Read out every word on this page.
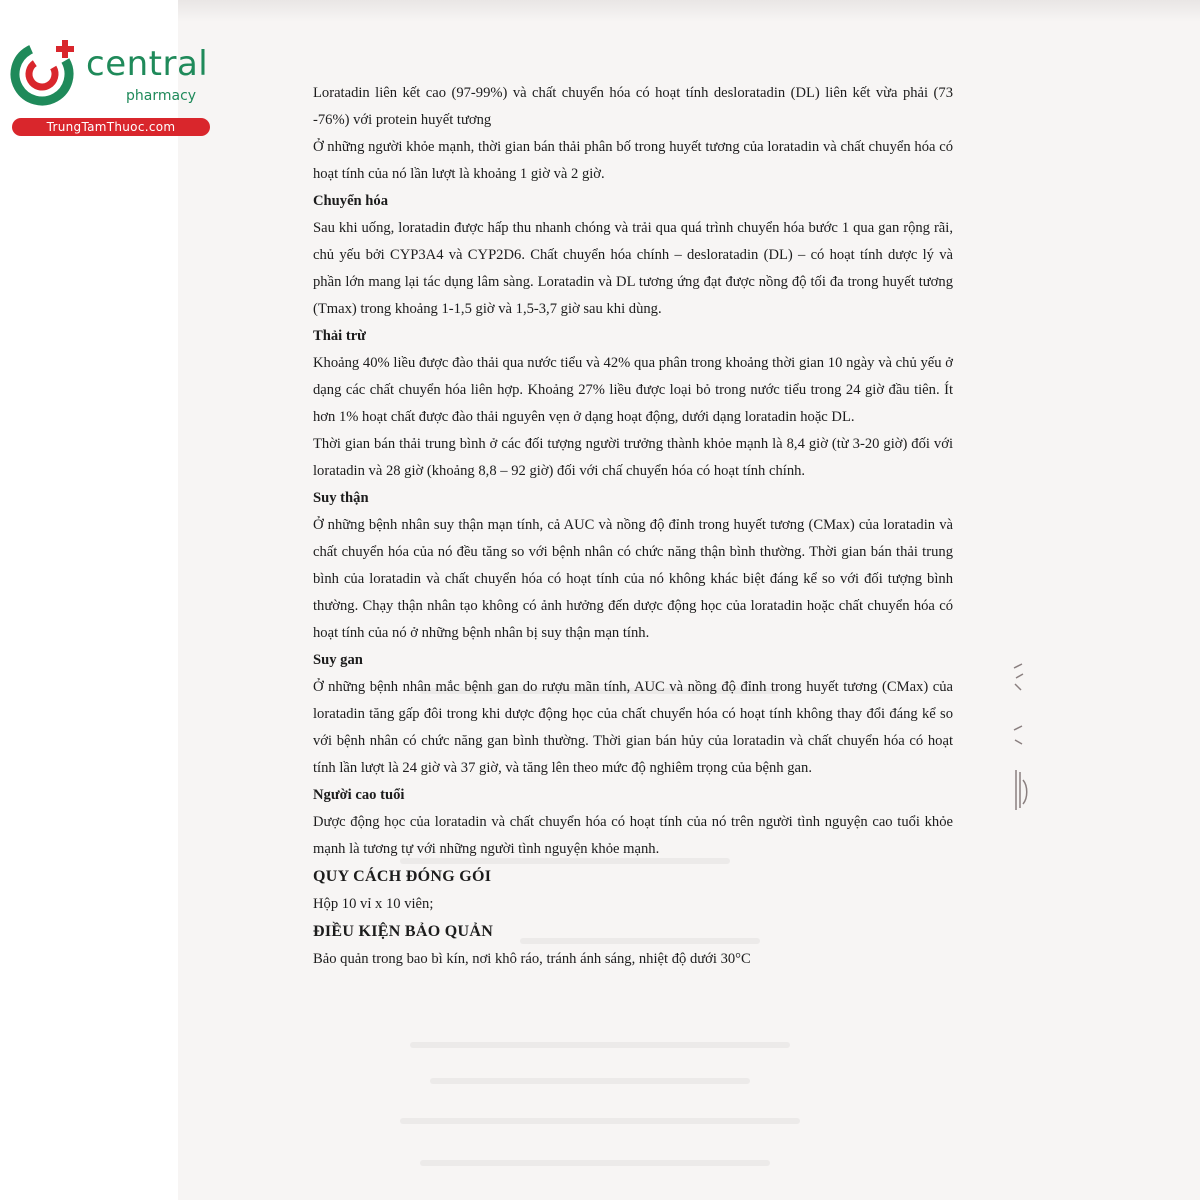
central
pharmacy
TrungTamThuoc.com

Loratadin liên kết cao (97-99%) và chất chuyển hóa có hoạt tính desloratadin (DL) liên kết vừa phải (73 -76%) với protein huyết tương

Ở những người khỏe mạnh, thời gian bán thải phân bố trong huyết tương của loratadin và chất chuyển hóa có hoạt tính của nó lần lượt là khoảng 1 giờ và 2 giờ.

Chuyển hóa

Sau khi uống, loratadin được hấp thu nhanh chóng và trải qua quá trình chuyển hóa bước 1 qua gan rộng rãi, chủ yếu bởi CYP3A4 và CYP2D6. Chất chuyển hóa chính – desloratadin (DL) – có hoạt tính dược lý và phần lớn mang lại tác dụng lâm sàng. Loratadin và DL tương ứng đạt được nồng độ tối đa trong huyết tương (Tmax) trong khoảng 1-1,5 giờ và 1,5-3,7 giờ sau khi dùng.

Thải trừ

Khoảng 40% liều được đào thải qua nước tiểu và 42% qua phân trong khoảng thời gian 10 ngày và chủ yếu ở dạng các chất chuyển hóa liên hợp. Khoảng 27% liều được loại bỏ trong nước tiểu trong 24 giờ đầu tiên. Ít hơn 1% hoạt chất được đào thải nguyên vẹn ở dạng hoạt động, dưới dạng loratadin hoặc DL.

Thời gian bán thải trung bình ở các đối tượng người trưởng thành khỏe mạnh là 8,4 giờ (từ 3-20 giờ) đối với loratadin và 28 giờ (khoảng 8,8 – 92 giờ) đối với chấ chuyển hóa có hoạt tính chính.

Suy thận

Ở những bệnh nhân suy thận mạn tính, cả AUC và nồng độ đỉnh trong huyết tương (CMax) của loratadin và chất chuyển hóa của nó đều tăng so với bệnh nhân có chức năng thận bình thường. Thời gian bán thải trung bình của loratadin và chất chuyển hóa có hoạt tính của nó không khác biệt đáng kể so với đối tượng bình thường. Chạy thận nhân tạo không có ảnh hưởng đến dược động học của loratadin hoặc chất chuyển hóa có hoạt tính của nó ở những bệnh nhân bị suy thận mạn tính.

Suy gan

Ở những bệnh nhân mắc bệnh gan do rượu mãn tính, AUC và nồng độ đỉnh trong huyết tương (CMax) của loratadin tăng gấp đôi trong khi dược động học của chất chuyển hóa có hoạt tính không thay đổi đáng kể so với bệnh nhân có chức năng gan bình thường. Thời gian bán hủy của loratadin và chất chuyển hóa có hoạt tính lần lượt là 24 giờ và 37 giờ, và tăng lên theo mức độ nghiêm trọng của bệnh gan.

Người cao tuổi

Dược động học của loratadin và chất chuyển hóa có hoạt tính của nó trên người tình nguyện cao tuổi khỏe mạnh là tương tự với những người tình nguyện khỏe mạnh.

QUY CÁCH ĐÓNG GÓI

Hộp 10 vỉ x 10 viên;

ĐIỀU KIỆN BẢO QUẢN

Bảo quản trong bao bì kín, nơi khô ráo, tránh ánh sáng, nhiệt độ dưới 30°C
